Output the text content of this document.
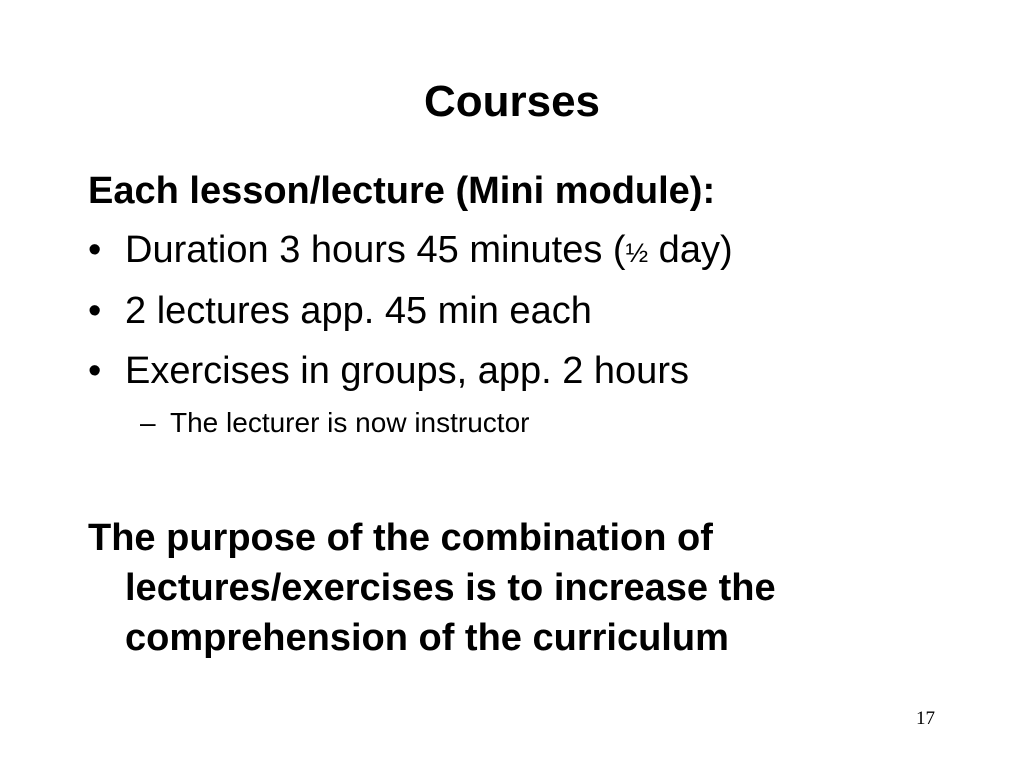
Courses

Each lesson/lecture (Mini module):

• Duration 3 hours 45 minutes (½ day)
• 2 lectures app. 45 min each
• Exercises in groups, app. 2 hours
– The lecturer is now instructor

The purpose of the combination of
lectures/exercises is to increase the
comprehension of the curriculum

17
